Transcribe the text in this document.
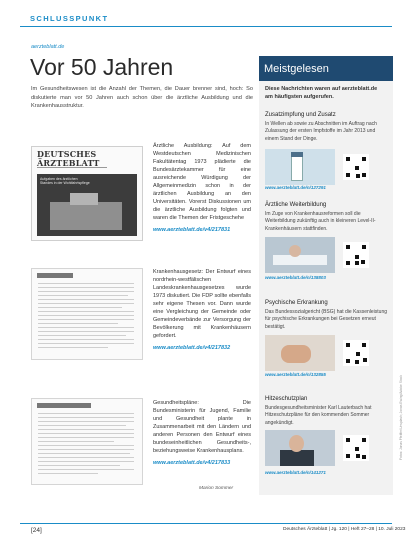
SCHLUSSPUNKT
aerzteblatt.de
Vor 50 Jahren

Im Gesundheitswesen ist die Anzahl der Themen, die Dauer brenner sind, hoch: So diskutierte man vor 50 Jahren auch schon über die ärztliche Ausbildung und die Krankenhausstruktur.

DEUTSCHES ÄRZTEBLATT
Aufgaben des ärztlichen Standes in der Wohlfahrtspflege

Ärztliche Ausbildung: Auf dem Westdeutschen Medizinischen Fakultätentag 1973 plädierte die Bundesärztekammer für eine ausreichende Würdigung der Allgemeinmedizin schon in der ärztlichen Ausbildung an den Universitäten. Vorerst Diskussionen um die ärztliche Ausbildung folgten und waren die Themen der Fristgeschehe

www.aerzteblatt.de/v4/217831

Krankenhausgesetz: Der Entwurf eines nordrhein-westfälischen Landeskrankenhausgesetzes wurde 1973 diskutiert. Die FDP sollte ebenfalls sehr eigene Thesen vor. Dann wurde eine Vergleichung der Gemeinde oder Gemeindeverbände zur Versorgung der Bevölkerung mit Krankenhäusern gefordert.

www.aerzteblatt.de/v4/217832

Gesundheitspläne: Die Bundesministerin für Jugend, Familie und Gesundheit plante in Zusammenarbeit mit den Ländern und anderen Personen den Entwurf eines bundeseinheitlichen Gesundheits-, beziehungsweise Krankenhausplans.

www.aerzteblatt.de/v4/217833
Marion Sommer
Meistgelesen
Diese Nachrichten waren auf aerzteblatt.de am häufigsten aufgerufen.
Zusatzimpfung und Zusatz
In Wellen ab sowie zu Abschnitten im Auftrag nach Zulassung der ersten Impfstoffe im Jahr 2013 und einem Stand der Dinge.
www.aerzteblatt.de/n/127291
Ärztliche Weiterbildung
Im Zuge von Krankenhausreformen soll die Weiterbildung zukünftig auch in kleineren Level-II-Krankenhäusern stattfinden.
www.aerzteblatt.de/n/138803
Psychische Erkrankung
Das Bundessozialgericht (BSG) hat die Kassenleistung für psychische Erkrankungen bei Gesetzen erneut bestätigt.
www.aerzteblatt.de/n/132855
Hitzeschutzplan
Bundesgesundheitsminister Karl Lauterbach hat Hitzeschutzpläne für den kommenden Sommer angekündigt.
www.aerzteblatt.de/n/141271
Fotos: Jonas Pfeiffer/Unsplash; Jonas Ewing/Adobe Stock
[24]	Deutsches Ärzteblatt | Jg. 120 | Heft 27–28 | 10. Juli 2023
